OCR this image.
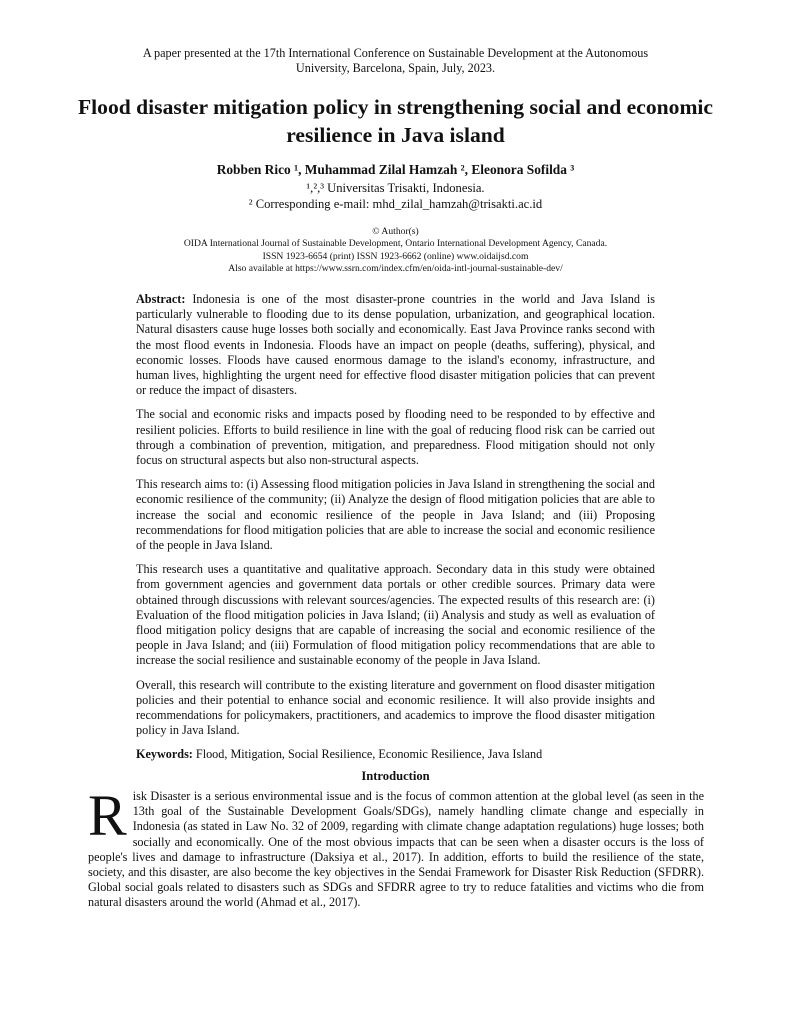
A paper presented at the 17th International Conference on Sustainable Development at the Autonomous University, Barcelona, Spain, July, 2023.
Flood disaster mitigation policy in strengthening social and economic resilience in Java island
Robben Rico ¹, Muhammad Zilal Hamzah ², Eleonora Sofilda ³
¹,²,³ Universitas Trisakti, Indonesia.
² Corresponding e-mail: mhd_zilal_hamzah@trisakti.ac.id
© Author(s)
OIDA International Journal of Sustainable Development, Ontario International Development Agency, Canada.
ISSN 1923-6654 (print) ISSN 1923-6662 (online) www.oidaijsd.com
Also available at https://www.ssrn.com/index.cfm/en/oida-intl-journal-sustainable-dev/

Abstract: Indonesia is one of the most disaster-prone countries in the world and Java Island is particularly vulnerable to flooding due to its dense population, urbanization, and geographical location. Natural disasters cause huge losses both socially and economically. East Java Province ranks second with the most flood events in Indonesia. Floods have an impact on people (deaths, suffering), physical, and economic losses. Floods have caused enormous damage to the island's economy, infrastructure, and human lives, highlighting the urgent need for effective flood disaster mitigation policies that can prevent or reduce the impact of disasters.

The social and economic risks and impacts posed by flooding need to be responded to by effective and resilient policies. Efforts to build resilience in line with the goal of reducing flood risk can be carried out through a combination of prevention, mitigation, and preparedness. Flood mitigation should not only focus on structural aspects but also non-structural aspects.

This research aims to: (i) Assessing flood mitigation policies in Java Island in strengthening the social and economic resilience of the community; (ii) Analyze the design of flood mitigation policies that are able to increase the social and economic resilience of the people in Java Island; and (iii) Proposing recommendations for flood mitigation policies that are able to increase the social and economic resilience of the people in Java Island.

This research uses a quantitative and qualitative approach. Secondary data in this study were obtained from government agencies and government data portals or other credible sources. Primary data were obtained through discussions with relevant sources/agencies. The expected results of this research are: (i) Evaluation of the flood mitigation policies in Java Island; (ii) Analysis and study as well as evaluation of flood mitigation policy designs that are capable of increasing the social and economic resilience of the people in Java Island; and (iii) Formulation of flood mitigation policy recommendations that are able to increase the social resilience and sustainable economy of the people in Java Island.

Overall, this research will contribute to the existing literature and government on flood disaster mitigation policies and their potential to enhance social and economic resilience. It will also provide insights and recommendations for policymakers, practitioners, and academics to improve the flood disaster mitigation policy in Java Island.

Keywords: Flood, Mitigation, Social Resilience, Economic Resilience, Java Island

Introduction

Risk Disaster is a serious environmental issue and is the focus of common attention at the global level (as seen in the 13th goal of the Sustainable Development Goals/SDGs), namely handling climate change and especially in Indonesia (as stated in Law No. 32 of 2009, regarding with climate change adaptation regulations) huge losses; both socially and economically. One of the most obvious impacts that can be seen when a disaster occurs is the loss of people's lives and damage to infrastructure (Daksiya et al., 2017). In addition, efforts to build the resilience of the state, society, and this disaster, are also become the key objectives in the Sendai Framework for Disaster Risk Reduction (SFDRR). Global social goals related to disasters such as SDGs and SFDRR agree to try to reduce fatalities and victims who die from natural disasters around the world (Ahmad et al., 2017).
